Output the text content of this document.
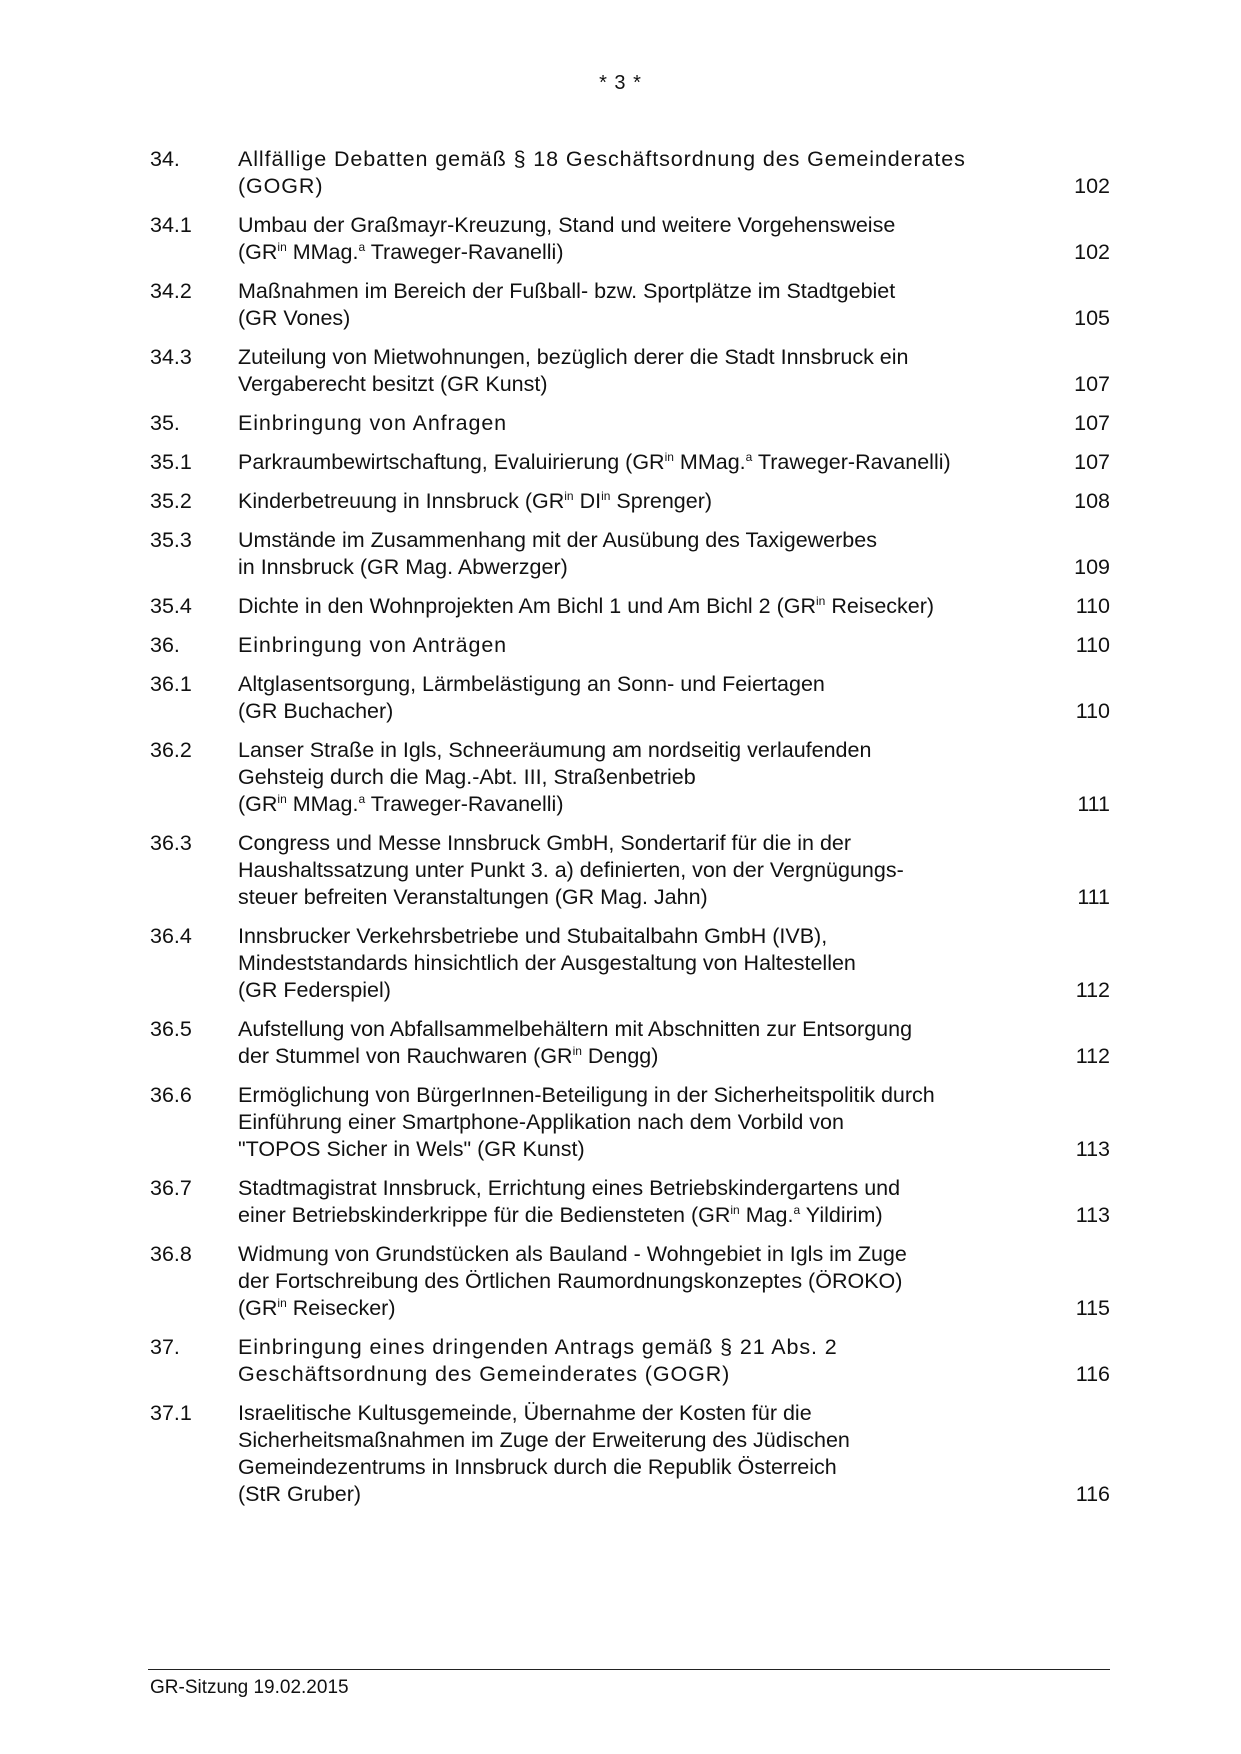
* 3 *
34.	Allfällige Debatten gemäß § 18 Geschäftsordnung des Gemeinderates
(GOGR)	102
34.1	Umbau der Graßmayr-Kreuzung, Stand und weitere Vorgehensweise
($GR^{in}$ MMag.$^a$ Traweger-Ravanelli)	102
34.2	Maßnahmen im Bereich der Fußball- bzw. Sportplätze im Stadtgebiet
(GR Vones)	105
34.3	Zuteilung von Mietwohnungen, bezüglich derer die Stadt Innsbruck ein
Vergaberecht besitzt (GR Kunst)	107
35.	Einbringung von Anfragen	107
35.1	Parkraumbewirtschaftung, Evaluirierung ($GR^{in}$ MMag.$^a$ Traweger-Ravanelli)	107
35.2	Kinderbetreuung in Innsbruck ($GR^{in}$ $DI^{in}$ Sprenger)	108
35.3	Umstände im Zusammenhang mit der Ausübung des Taxigewerbes
in Innsbruck (GR Mag. Abwerzger)	109
35.4	Dichte in den Wohnprojekten Am Bichl 1 und Am Bichl 2 ($GR^{in}$ Reisecker)	110
36.	Einbringung von Anträgen	110
36.1	Altglasentsorgung, Lärmbelästigung an Sonn- und Feiertagen
(GR Buchacher)	110
36.2	Lanser Straße in Igls, Schneeräumung am nordseitig verlaufenden
Gehsteig durch die Mag.-Abt. III, Straßenbetrieb
($GR^{in}$ MMag.$^a$ Traweger-Ravanelli)	111
36.3	Congress und Messe Innsbruck GmbH, Sondertarif für die in der
Haushaltssatzung unter Punkt 3. a) definierten, von der Vergnügungs-
steuer befreiten Veranstaltungen (GR Mag. Jahn)	111
36.4	Innsbrucker Verkehrsbetriebe und Stubaitalbahn GmbH (IVB),
Mindeststandards hinsichtlich der Ausgestaltung von Haltestellen
(GR Federspiel)	112
36.5	Aufstellung von Abfallsammelbehältern mit Abschnitten zur Entsorgung
der Stummel von Rauchwaren ($GR^{in}$ Dengg)	112
36.6	Ermöglichung von BürgerInnen-Beteiligung in der Sicherheitspolitik durch
Einführung einer Smartphone-Applikation nach dem Vorbild von
"TOPOS Sicher in Wels" (GR Kunst)	113
36.7	Stadtmagistrat Innsbruck, Errichtung eines Betriebskindergartens und
einer Betriebskinderkrippe für die Bediensteten ($GR^{in}$ Mag.$^a$ Yildirim)	113
36.8	Widmung von Grundstücken als Bauland - Wohngebiet in Igls im Zuge
der Fortschreibung des Örtlichen Raumordnungskonzeptes (ÖROKO)
($GR^{in}$ Reisecker)	115
37.	Einbringung eines dringenden Antrags gemäß § 21 Abs. 2
Geschäftsordnung des Gemeinderates (GOGR)	116
37.1	Israelitische Kultusgemeinde, Übernahme der Kosten für die
Sicherheitsmaßnahmen im Zuge der Erweiterung des Jüdischen
Gemeindezentrums in Innsbruck durch die Republik Österreich
(StR Gruber)	116
GR-Sitzung 19.02.2015
